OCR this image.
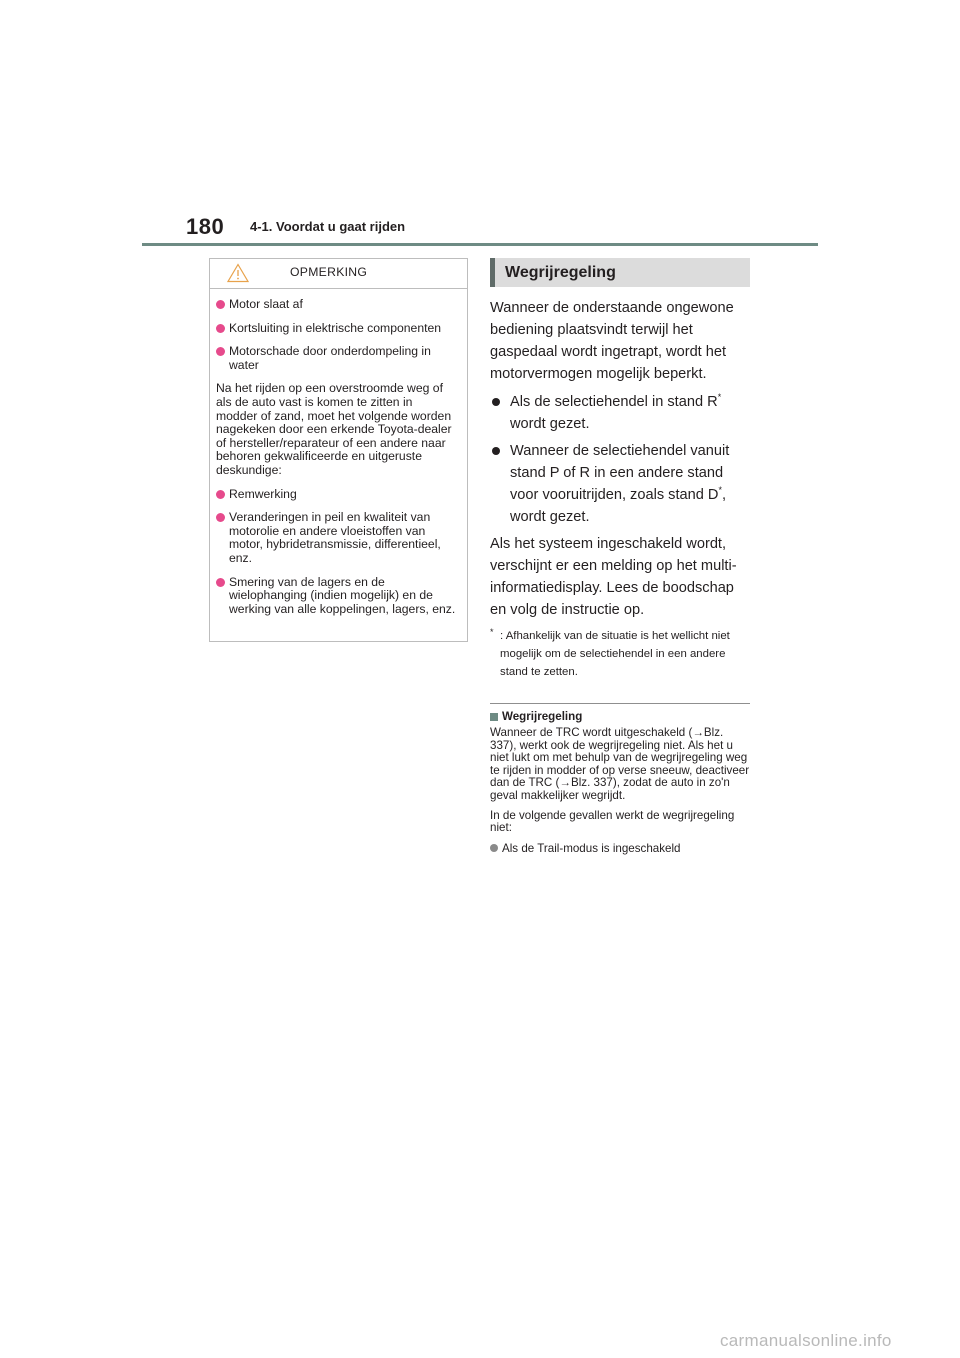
180 4-1. Voordat u gaat rijden
OPMERKING
Motor slaat af
Kortsluiting in elektrische componenten
Motorschade door onderdompeling in water

Na het rijden op een overstroomde weg of als de auto vast is komen te zitten in modder of zand, moet het volgende worden nagekeken door een erkende Toyota-dealer of hersteller/reparateur of een andere naar behoren gekwalificeerde en uitgeruste deskundige:

Remwerking
Veranderingen in peil en kwaliteit van motorolie en andere vloeistoffen van motor, hybridetransmissie, differentieel, enz.
Smering van de lagers en de wielophanging (indien mogelijk) en de werking van alle koppelingen, lagers, enz.
Wegrijregeling

Wanneer de onderstaande ongewone bediening plaatsvindt terwijl het gaspedaal wordt ingetrapt, wordt het motorvermogen mogelijk beperkt.

Als de selectiehendel in stand R* wordt gezet.
Wanneer de selectiehendel vanuit stand P of R in een andere stand voor vooruitrijden, zoals stand D*, wordt gezet.

Als het systeem ingeschakeld wordt, verschijnt er een melding op het multi-informatiedisplay. Lees de boodschap en volg de instructie op.

* : Afhankelijk van de situatie is het wellicht niet mogelijk om de selectiehendel in een andere stand te zetten.
Wegrijregeling

Wanneer de TRC wordt uitgeschakeld (→Blz. 337), werkt ook de wegrijregeling niet. Als het u niet lukt om met behulp van de wegrijregeling weg te rijden in modder of op verse sneeuw, deactiveer dan de TRC (→Blz. 337), zodat de auto in zo'n geval makkelijker wegrijdt.

In de volgende gevallen werkt de wegrijregeling niet:

Als de Trail-modus is ingeschakeld
carmanualsonline.info
